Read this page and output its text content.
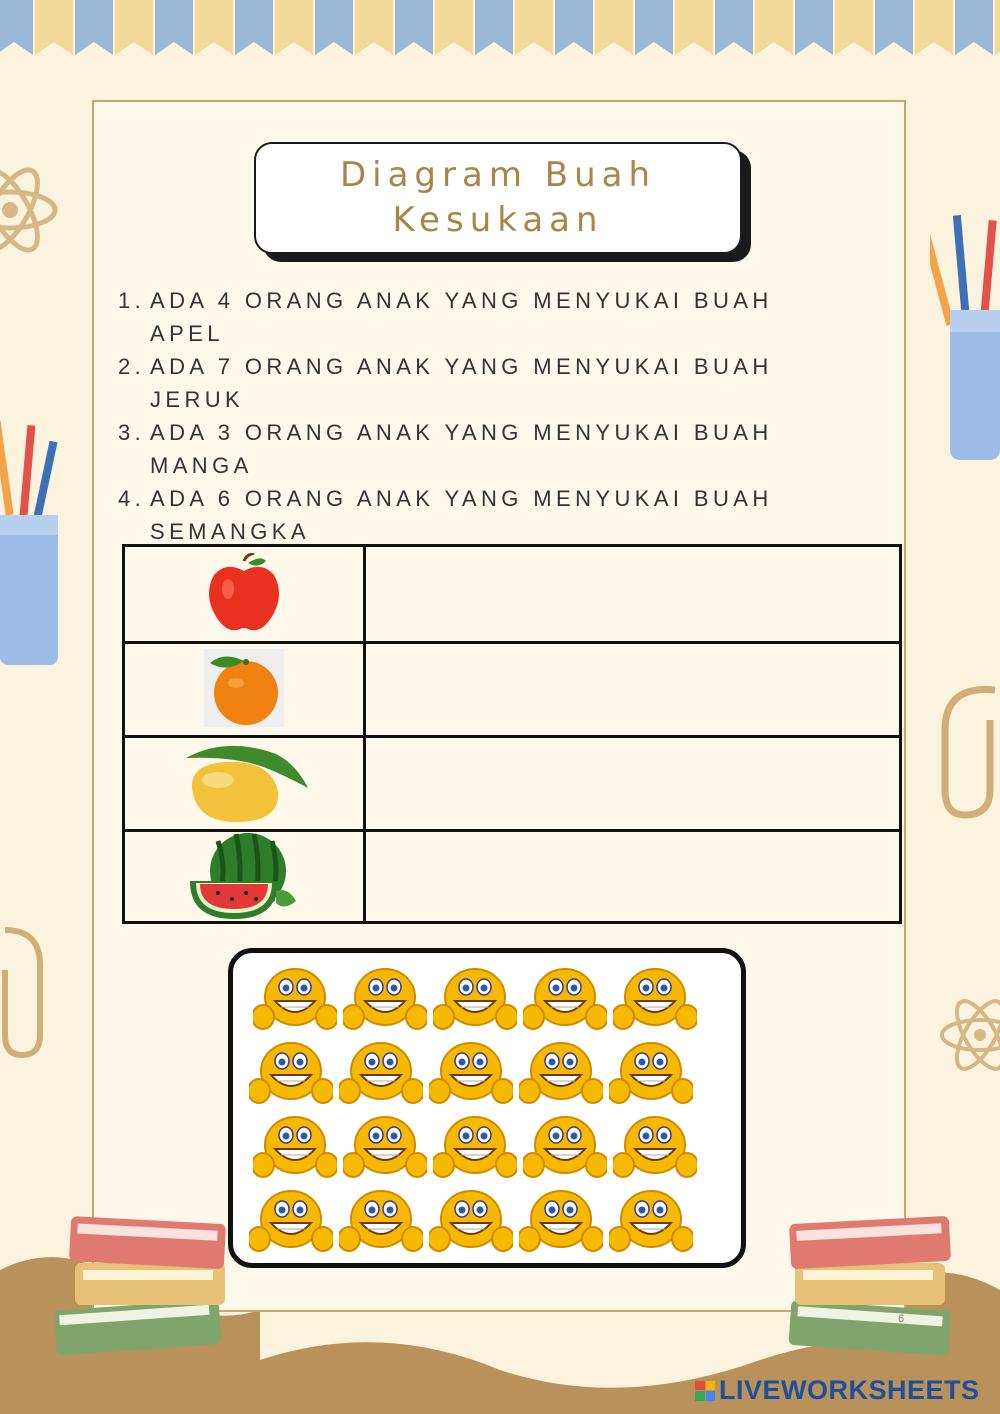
Diagram Buah
Kesukaan
1. ADA 4 ORANG ANAK YANG MENYUKAI BUAH APEL
2. ADA 7 ORANG ANAK YANG MENYUKAI BUAH JERUK
3. ADA 3 ORANG ANAK YANG MENYUKAI BUAH MANGA
4. ADA 6 ORANG ANAK YANG MENYUKAI BUAH SEMANGKA
6
LIVEWORKSHEETS
